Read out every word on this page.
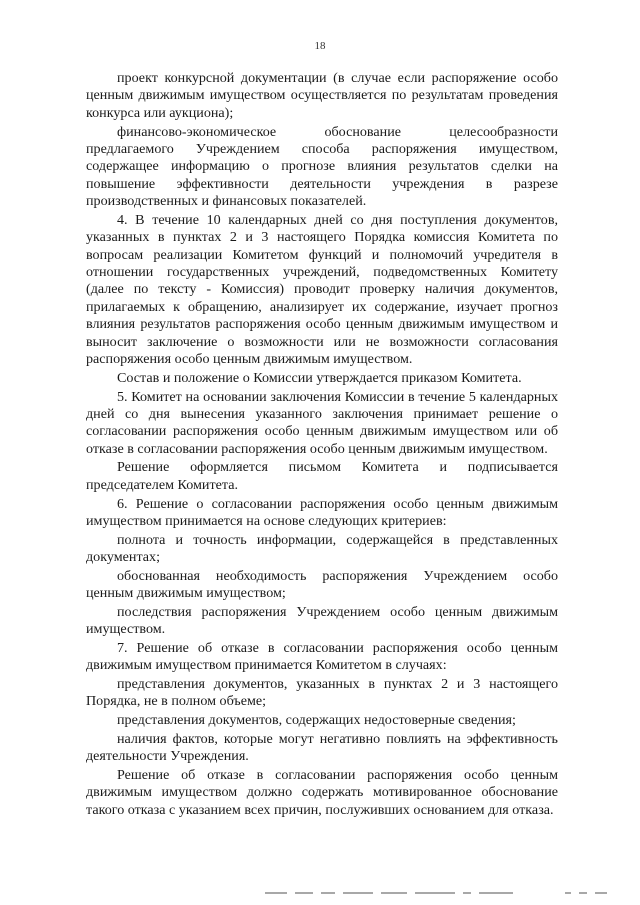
18

проект конкурсной документации (в случае если распоряжение особо ценным движимым имуществом осуществляется по результатам проведения конкурса или аукциона);

финансово-экономическое обоснование целесообразности предлагаемого Учреждением способа распоряжения имуществом, содержащее информацию о прогнозе влияния результатов сделки на повышение эффективности деятельности учреждения в разрезе производственных и финансовых показателей.

4. В течение 10 календарных дней со дня поступления документов, указанных в пунктах 2 и 3 настоящего Порядка комиссия Комитета по вопросам реализации Комитетом функций и полномочий учредителя в отношении государственных учреждений, подведомственных Комитету (далее по тексту - Комиссия) проводит проверку наличия документов, прилагаемых к обращению, анализирует их содержание, изучает прогноз влияния результатов распоряжения особо ценным движимым имуществом и выносит заключение о возможности или не возможности согласования распоряжения особо ценным движимым имуществом.

Состав и положение о Комиссии утверждается приказом Комитета.

5. Комитет на основании заключения Комиссии в течение 5 календарных дней со дня вынесения указанного заключения принимает решение о согласовании распоряжения особо ценным движимым имуществом или об отказе в согласовании распоряжения особо ценным движимым имуществом.

Решение оформляется письмом Комитета и подписывается председателем Комитета.

6. Решение о согласовании распоряжения особо ценным движимым имуществом принимается на основе следующих критериев:

полнота и точность информации, содержащейся в представленных документах;

обоснованная необходимость распоряжения Учреждением особо ценным движимым имуществом;

последствия распоряжения Учреждением особо ценным движимым имуществом.

7. Решение об отказе в согласовании распоряжения особо ценным движимым имуществом принимается Комитетом в случаях:

представления документов, указанных в пунктах 2 и 3 настоящего Порядка, не в полном объеме;

представления документов, содержащих недостоверные сведения;

наличия фактов, которые могут негативно повлиять на эффективность деятельности Учреждения.

Решение об отказе в согласовании распоряжения особо ценным движимым имуществом должно содержать мотивированное обоснование такого отказа с указанием всех причин, послуживших основанием для отказа.
